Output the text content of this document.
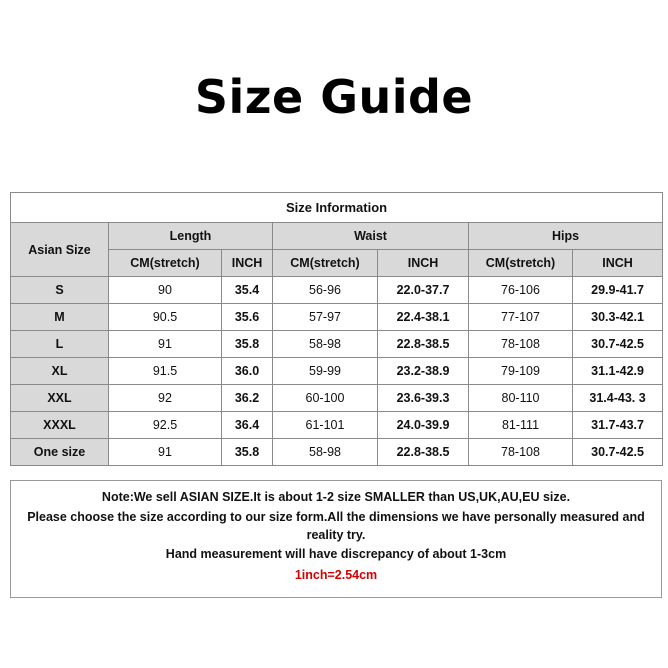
Size Guide
Size Information						
Asian Size	Length		Waist		Hips	
	CM(stretch)	INCH	CM(stretch)	INCH	CM(stretch)	INCH
S	90	35.4	56-96	22.0-37.7	76-106	29.9-41.7
M	90.5	35.6	57-97	22.4-38.1	77-107	30.3-42.1
L	91	35.8	58-98	22.8-38.5	78-108	30.7-42.5
XL	91.5	36.0	59-99	23.2-38.9	79-109	31.1-42.9
XXL	92	36.2	60-100	23.6-39.3	80-110	31.4-43. 3
XXXL	92.5	36.4	61-101	24.0-39.9	81-111	31.7-43.7
One size	91	35.8	58-98	22.8-38.5	78-108	30.7-42.5

Note:We sell ASIAN SIZE.It is about 1-2 size SMALLER than US,UK,AU,EU size.

Please choose the size according to our size form.All the dimensions we have personally measured and reality try.

Hand measurement will have discrepancy of about 1-3cm

1inch=2.54cm
